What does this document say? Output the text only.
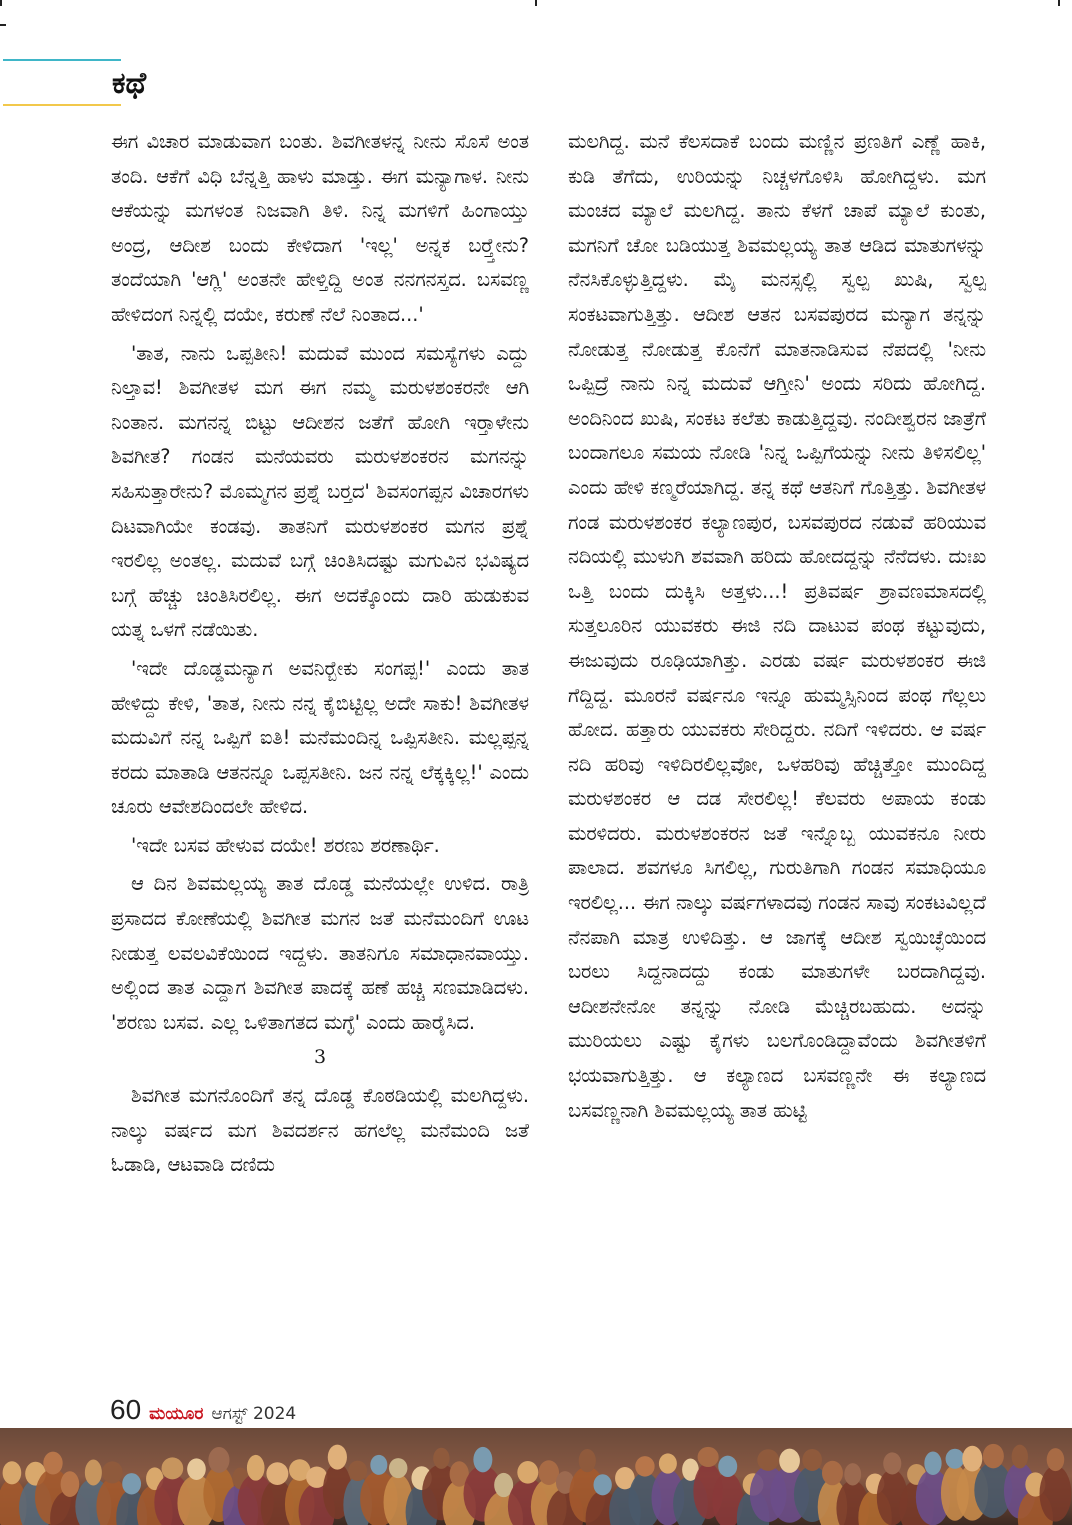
ಕಥೆ

ಈಗ ವಿಚಾರ ಮಾಡುವಾಗ ಬಂತು. ಶಿವಗೀತಳನ್ನ ನೀನು ಸೊಸೆ ಅಂತ ತಂದಿ. ಆಕೆಗೆ ವಿಧಿ ಬೆನ್ನತ್ತಿ ಹಾಳು ಮಾಡ್ತು. ಈಗ ಮನ್ಯಾಗಾಳ. ನೀನು ಆಕೆಯನ್ನು ಮಗಳಂತ ನಿಜವಾಗಿ ತಿಳಿ. ನಿನ್ನ ಮಗಳಿಗೆ ಹಿಂಗಾಯ್ತು ಅಂದ್ರ, ಆದೀಶ ಬಂದು ಕೇಳಿದಾಗ 'ಇಲ್ಲ' ಅನ್ನಕ ಬರ್‍ತ್ತೇನು? ತಂದೆಯಾಗಿ 'ಆಗ್ಲಿ' ಅಂತನೇ ಹೇಳ್ತಿದ್ದಿ ಅಂತ ನನಗನಸ್ತದ. ಬಸವಣ್ಣ ಹೇಳಿದಂಗ ನಿನ್ನಲ್ಲಿ ದಯೇ, ಕರುಣೆ ನೆಲೆ ನಿಂತಾದ...'

'ತಾತ, ನಾನು ಒಪ್ಪತೀನಿ! ಮದುವೆ ಮುಂದ ಸಮಸ್ಯೆಗಳು ಎದ್ದು ನಿಲ್ತಾವ! ಶಿವಗೀತಳ ಮಗ ಈಗ ನಮ್ಮ ಮರುಳಶಂಕರನೇ ಆಗಿ ನಿಂತಾನ. ಮಗನನ್ನ ಬಿಟ್ಟು ಆದೀಶನ ಜತೆಗೆ ಹೋಗಿ ಇರ್‍ತಾಳೇನು ಶಿವಗೀತ? ಗಂಡನ ಮನೆಯವರು ಮರುಳಶಂಕರನ ಮಗನನ್ನು ಸಹಿಸುತ್ತಾರೇನು? ಮೊಮ್ಮಗನ ಪ್ರಶ್ನೆ ಬರ್‍ತದ' ಶಿವಸಂಗಪ್ಪನ ವಿಚಾರಗಳು ದಿಟವಾಗಿಯೇ ಕಂಡವು. ತಾತನಿಗೆ ಮರುಳಶಂಕರ ಮಗನ ಪ್ರಶ್ನೆ ಇರಲಿಲ್ಲ ಅಂತಲ್ಲ. ಮದುವೆ ಬಗ್ಗೆ ಚಿಂತಿಸಿದಷ್ಟು ಮಗುವಿನ ಭವಿಷ್ಯದ ಬಗ್ಗೆ ಹೆಚ್ಚು ಚಿಂತಿಸಿರಲಿಲ್ಲ. ಈಗ ಅದಕ್ಕೊಂದು ದಾರಿ ಹುಡುಕುವ ಯತ್ನ ಒಳಗೆ ನಡೆಯಿತು.

'ಇದೇ ದೊಡ್ಡಮನ್ಯಾಗ ಅವನಿರ್‍ಬೇಕು ಸಂಗಪ್ಪ!' ಎಂದು ತಾತ ಹೇಳಿದ್ದು ಕೇಳಿ, 'ತಾತ, ನೀನು ನನ್ನ ಕೈಬಿಟ್ಟಿಲ್ಲ ಅದೇ ಸಾಕು! ಶಿವಗೀತಳ ಮದುವಿಗೆ ನನ್ನ ಒಪ್ಪಿಗೆ ಐತಿ! ಮನೆಮಂದಿನ್ನ ಒಪ್ಪಿಸತೀನಿ. ಮಲ್ಲಪ್ಪನ್ನ ಕರದು ಮಾತಾಡಿ ಆತನನ್ನೂ ಒಪ್ಪಸತೀನಿ. ಜನ ನನ್ನ ಲೆಕ್ಕಕ್ಕಿಲ್ಲ!' ಎಂದು ಚೂರು ಆವೇಶದಿಂದಲೇ ಹೇಳಿದ.

'ಇದೇ ಬಸವ ಹೇಳುವ ದಯೇ! ಶರಣು ಶರಣಾರ್ಥಿ.

ಆ ದಿನ ಶಿವಮಲ್ಲಯ್ಯ ತಾತ ದೊಡ್ಡ ಮನೆಯಲ್ಲೇ ಉಳಿದ. ರಾತ್ರಿ ಪ್ರಸಾದದ ಕೋಣೆಯಲ್ಲಿ ಶಿವಗೀತ ಮಗನ ಜತೆ ಮನೆಮಂದಿಗೆ ಊಟ ನೀಡುತ್ತ ಲವಲವಿಕೆಯಿಂದ ಇದ್ದಳು. ತಾತನಿಗೂ ಸಮಾಧಾನವಾಯ್ತು. ಅಲ್ಲಿಂದ ತಾತ ಎದ್ದಾಗ ಶಿವಗೀತ ಪಾದಕ್ಕೆ ಹಣೆ ಹಚ್ಚಿ ಸಣಮಾಡಿದಳು. 'ಶರಣು ಬಸವ. ಎಲ್ಲ ಒಳಿತಾಗತದ ಮಗ್ಳೆ' ಎಂದು ಹಾರೈಸಿದ.

3

ಶಿವಗೀತ ಮಗನೊಂದಿಗೆ ತನ್ನ ದೊಡ್ಡ ಕೊಠಡಿಯಲ್ಲಿ ಮಲಗಿದ್ದಳು. ನಾಲ್ಕು ವರ್ಷದ ಮಗ ಶಿವದರ್ಶನ ಹಗಲೆಲ್ಲ ಮನೆಮಂದಿ ಜತೆ ಓಡಾಡಿ, ಆಟವಾಡಿ ದಣಿದು

ಮಲಗಿದ್ದ. ಮನೆ ಕೆಲಸದಾಕೆ ಬಂದು ಮಣ್ಣಿನ ಪ್ರಣತಿಗೆ ಎಣ್ಣೆ ಹಾಕಿ, ಕುಡಿ ತೆಗೆದು, ಉರಿಯನ್ನು ನಿಚ್ಚಳಗೊಳಿಸಿ ಹೋಗಿದ್ದಳು. ಮಗ ಮಂಚದ ಮ್ಯಾಲೆ ಮಲಗಿದ್ದ. ತಾನು ಕೆಳಗೆ ಚಾಪೆ ಮ್ಯಾಲೆ ಕುಂತು, ಮಗನಿಗೆ ಚೋ ಬಡಿಯುತ್ತ ಶಿವಮಲ್ಲಯ್ಯ ತಾತ ಆಡಿದ ಮಾತುಗಳನ್ನು ನೆನಸಿಕೊಳ್ಳುತ್ತಿದ್ದಳು. ಮೈ ಮನಸ್ಸಲ್ಲಿ ಸ್ವಲ್ಪ ಖುಷಿ, ಸ್ವಲ್ಪ ಸಂಕಟವಾಗುತ್ತಿತ್ತು. ಆದೀಶ ಆತನ ಬಸವಪುರದ ಮನ್ಯಾಗ ತನ್ನನ್ನು ನೋಡುತ್ತ ನೋಡುತ್ತ ಕೊನೆಗೆ ಮಾತನಾಡಿಸುವ ನೆಪದಲ್ಲಿ 'ನೀನು ಒಪ್ಪಿದ್ರೆ ನಾನು ನಿನ್ನ ಮದುವೆ ಆಗ್ತೀನಿ' ಅಂದು ಸರಿದು ಹೋಗಿದ್ದ. ಅಂದಿನಿಂದ ಖುಷಿ, ಸಂಕಟ ಕಲೆತು ಕಾಡುತ್ತಿದ್ದವು. ನಂದೀಶ್ವರನ ಜಾತ್ರೆಗೆ ಬಂದಾಗಲೂ ಸಮಯ ನೋಡಿ 'ನಿನ್ನ ಒಪ್ಪಿಗೆಯನ್ನು ನೀನು ತಿಳಿಸಲಿಲ್ಲ' ಎಂದು ಹೇಳಿ ಕಣ್ಮರೆಯಾಗಿದ್ದ. ತನ್ನ ಕಥೆ ಆತನಿಗೆ ಗೊತ್ತಿತ್ತು. ಶಿವಗೀತಳ ಗಂಡ ಮರುಳಶಂಕರ ಕಲ್ಯಾಣಪುರ, ಬಸವಪುರದ ನಡುವೆ ಹರಿಯುವ ನದಿಯಲ್ಲಿ ಮುಳುಗಿ ಶವವಾಗಿ ಹರಿದು ಹೋದದ್ದನ್ನು ನೆನೆದಳು. ದುಃಖ ಒತ್ತಿ ಬಂದು ದುಕ್ಕಿಸಿ ಅತ್ತಳು...! ಪ್ರತಿವರ್ಷ ಶ್ರಾವಣಮಾಸದಲ್ಲಿ ಸುತ್ತಲೂರಿನ ಯುವಕರು ಈಜಿ ನದಿ ದಾಟುವ ಪಂಥ ಕಟ್ಟುವುದು, ಈಜುವುದು ರೂಢಿಯಾಗಿತ್ತು. ಎರಡು ವರ್ಷ ಮರುಳಶಂಕರ ಈಜಿ ಗೆದ್ದಿದ್ದ. ಮೂರನೆ ವರ್ಷನೂ ಇನ್ನೂ ಹುಮ್ಮಸ್ಸಿನಿಂದ ಪಂಥ ಗೆಲ್ಲಲು ಹೋದ. ಹತ್ತಾರು ಯುವಕರು ಸೇರಿದ್ದರು. ನದಿಗೆ ಇಳಿದರು. ಆ ವರ್ಷ ನದಿ ಹರಿವು ಇಳಿದಿರಲಿಲ್ಲವೋ, ಒಳಹರಿವು ಹೆಚ್ಚಿತ್ತೋ ಮುಂದಿದ್ದ ಮರುಳಶಂಕರ ಆ ದಡ ಸೇರಲಿಲ್ಲ! ಕೆಲವರು ಅಪಾಯ ಕಂಡು ಮರಳಿದರು. ಮರುಳಶಂಕರನ ಜತೆ ಇನ್ನೊಬ್ಬ ಯುವಕನೂ ನೀರು ಪಾಲಾದ. ಶವಗಳೂ ಸಿಗಲಿಲ್ಲ, ಗುರುತಿಗಾಗಿ ಗಂಡನ ಸಮಾಧಿಯೂ ಇರಲಿಲ್ಲ... ಈಗ ನಾಲ್ಕು ವರ್ಷಗಳಾದವು ಗಂಡನ ಸಾವು ಸಂಕಟವಿಲ್ಲದೆ ನೆನಪಾಗಿ ಮಾತ್ರ ಉಳಿದಿತ್ತು. ಆ ಜಾಗಕ್ಕೆ ಆದೀಶ ಸ್ವಯಿಚ್ಛೆಯಿಂದ ಬರಲು ಸಿದ್ದನಾದದ್ದು ಕಂಡು ಮಾತುಗಳೇ ಬರದಾಗಿದ್ದವು. ಆದೀಶನೇನೋ ತನ್ನನ್ನು ನೋಡಿ ಮೆಚ್ಚಿರಬಹುದು. ಅದನ್ನು ಮುರಿಯಲು ಎಷ್ಟು ಕೈಗಳು ಬಲಗೊಂಡಿದ್ದಾವೆಂದು ಶಿವಗೀತಳಿಗೆ ಭಯವಾಗುತ್ತಿತ್ತು. ಆ ಕಲ್ಯಾಣದ ಬಸವಣ್ಣನೇ ಈ ಕಲ್ಯಾಣದ ಬಸವಣ್ಣನಾಗಿ ಶಿವಮಲ್ಲಯ್ಯ ತಾತ ಹುಟ್ಟಿ

60 ಮಯೂರ ಆಗಸ್ಟ್ 2024
